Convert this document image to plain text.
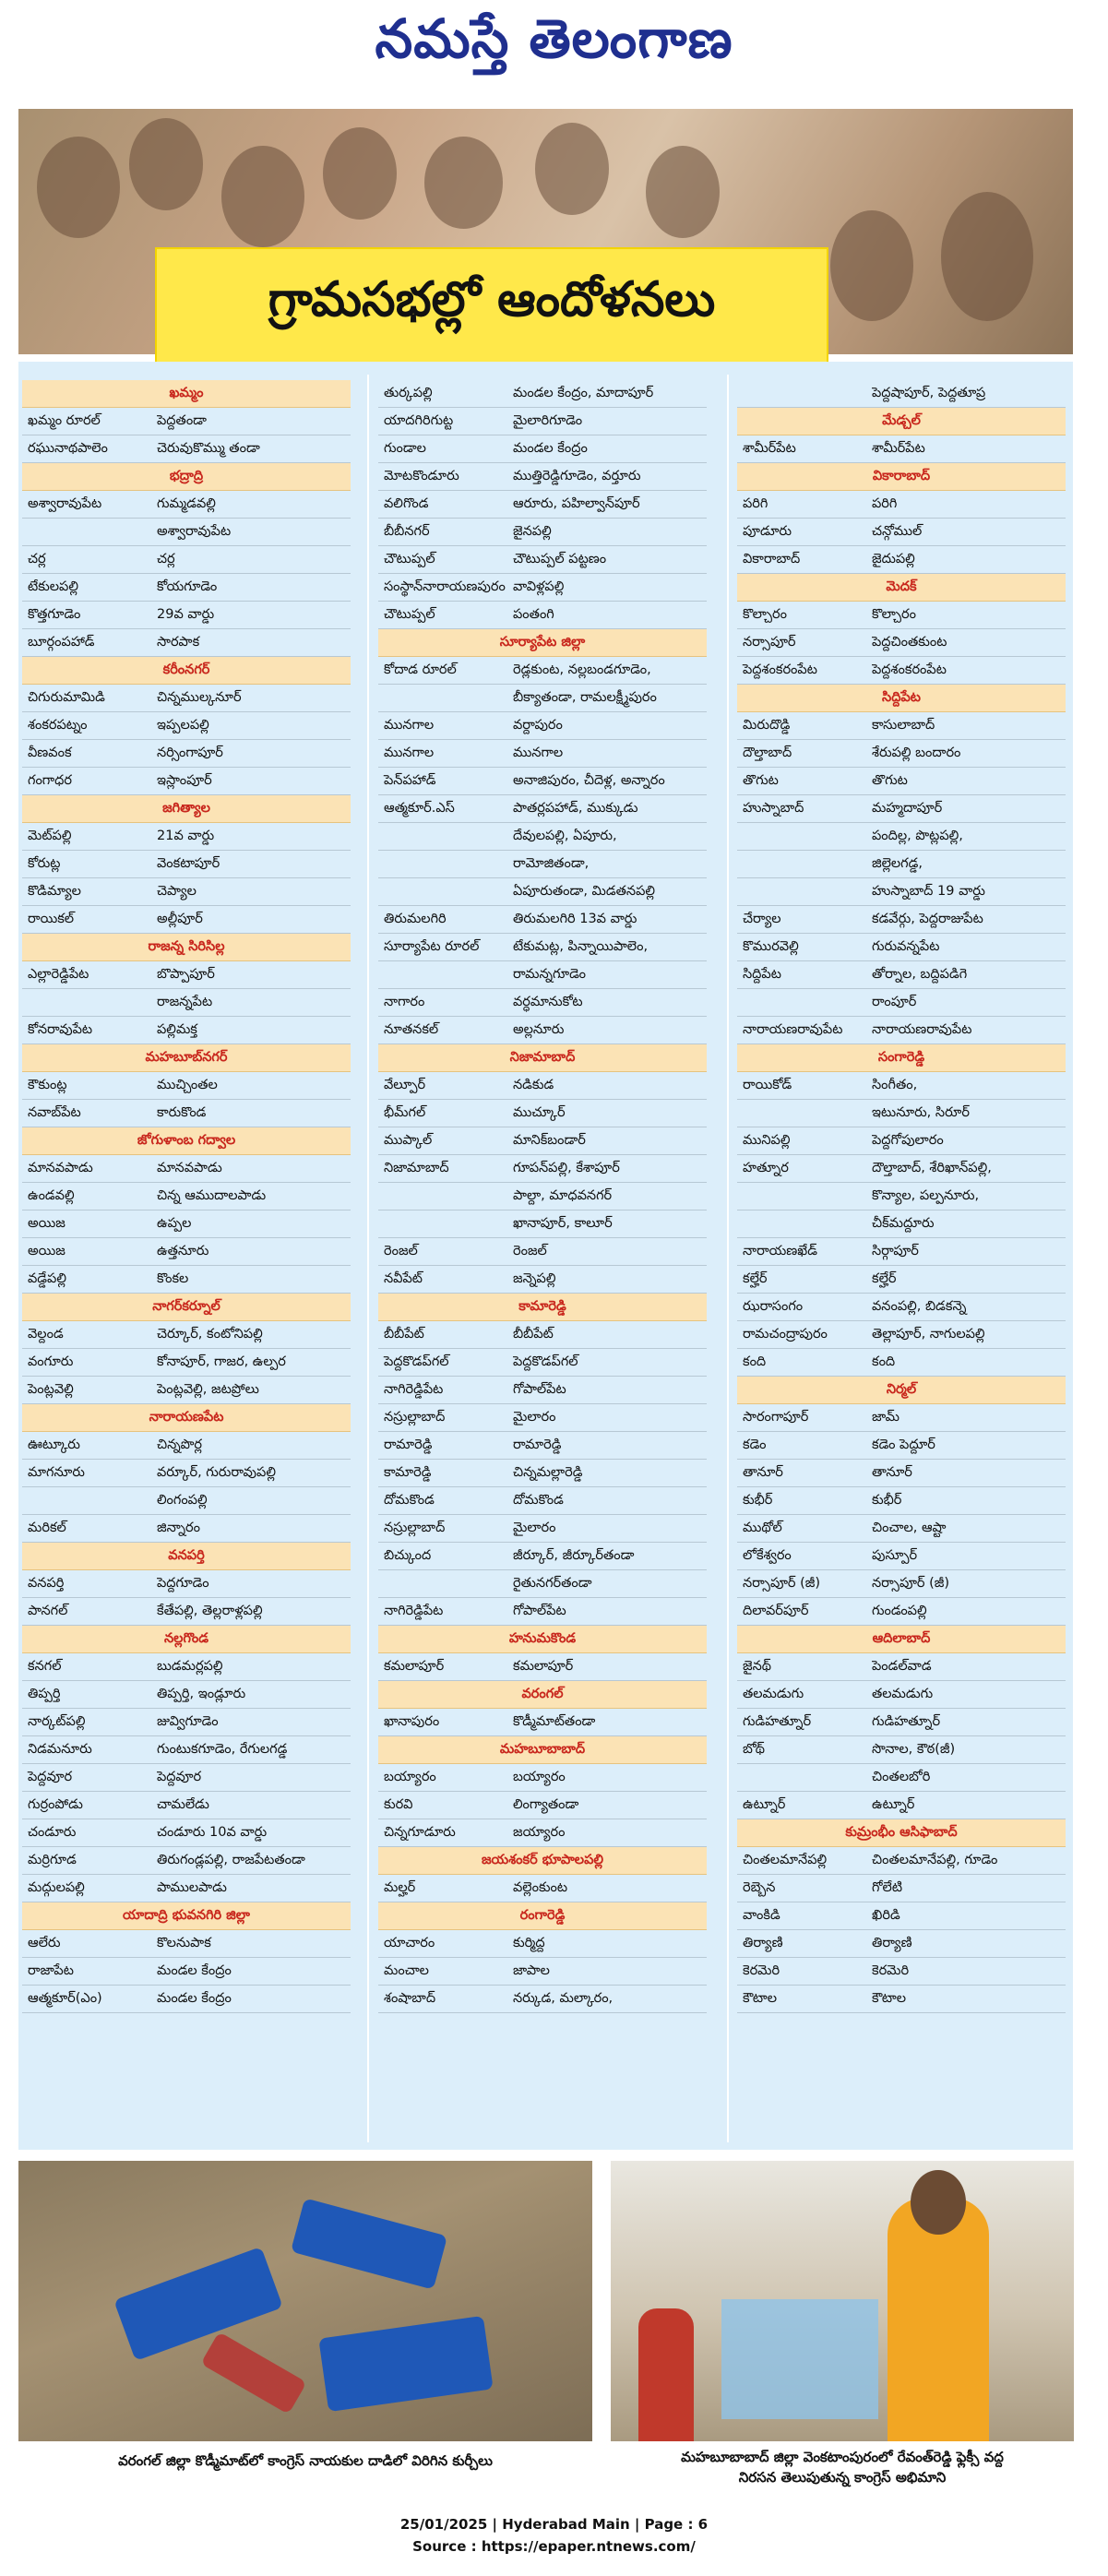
నమస్తే తెలంగాణ
గ్రామసభల్లో ఆందోళనలు
ఖమ్మం
ఖమ్మం రూరల్	పెద్దతండా
రఘునాథపాలెం	చెరువుకొమ్ము తండా
భద్రాద్రి
అశ్వారావుపేట	గుమ్మడవల్లి
అశ్వారావుపేట
చర్ల	చర్ల
టేకులపల్లి	కోయగూడెం
కొత్తగూడెం	29వ వార్డు
బూర్గంపహాడ్	సారపాక
కరీంనగర్
చిగురుమామిడి	చిన్నముల్కనూర్
శంకరపట్నం	ఇప్పలపల్లి
వీణవంక	నర్సింగాపూర్
గంగాధర	ఇస్లాంపూర్
జగిత్యాల
మెట్‌పల్లి	21వ వార్డు
కోరుట్ల	వెంకటాపూర్
కొడిమ్యాల	చెప్యాల
రాయికల్	అల్లీపూర్
రాజన్న సిరిసిల్ల
ఎల్లారెడ్డిపేట	బొప్పాపూర్
రాజన్నపేట
కోనరావుపేట	పల్లిమక్త
మహబూబ్‌నగర్
కౌకుంట్ల	ముచ్చింతల
నవాబ్‌పేట	కారుకొండ
జోగుళాంబ గద్వాల
మానవపాడు	మానవపాడు
ఉండవల్లి	చిన్న ఆముదాలపాడు
అయిజ	ఉప్పల
అయిజ	ఉత్తనూరు
వడ్డేపల్లి	కొంకల
నాగర్‌కర్నూల్
వెల్దండ	చెర్కూర్, కంటోనిపల్లి
వంగూరు	కోనాపూర్, గాజర, ఉల్పర
పెంట్లవెల్లి	పెంట్లవెల్లి, జటప్రోలు
నారాయణపేట
ఊట్కూరు	చిన్నపొర్ల
మాగనూరు	వర్కూర్, గురురావుపల్లి
లింగంపల్లి
మరికల్	జిన్నారం
వనపర్తి
వనపర్తి	పెద్దగూడెం
పానగల్	కేతేపల్లి, తెల్లరాళ్లపల్లి
నల్లగొండ
కనగల్	బుడమర్లపల్లి
తిప్పర్తి	తిప్పర్తి, ఇండ్లూరు
నార్కట్‌పల్లి	జువ్విగూడెం
నిడమనూరు	గుంటుకగూడెం, రేగులగడ్డ
పెద్దవూర	పెద్దవూర
గుర్రంపోడు	చామలేడు
చండూరు	చండూరు 10వ వార్డు
మర్రిగూడ	తిరుగండ్లపల్లి, రాజపేటతండా
మద్గులపల్లి	పాములపాడు
యాదాద్రి భువనగిరి జిల్లా
ఆలేరు	కొలనుపాక
రాజాపేట	మండల కేంద్రం
ఆత్మకూర్(ఎం)	మండల కేంద్రం
తుర్కపల్లి	మండల కేంద్రం, మాదాపూర్
యాదగిరిగుట్ట	మైలారిగూడెం
గుండాల	మండల కేంద్రం
మోటకొండూరు	ముత్తిరెడ్డిగూడెం, వర్తూరు
వలిగొండ	ఆరూరు, పహిల్వాన్‌పూర్
బీబీనగర్	జైనపల్లి
చౌటుప్పల్	చౌటుప్పల్ పట్టణం
సంస్థాన్‌నారాయణపురం వావిళ్లపల్లి
చౌటుప్పల్	పంతంగి
సూర్యాపేట జిల్లా
కోదాడ రూరల్	రెడ్లకుంట, నల్లబండగూడెం,
బీక్యాతండా, రామలక్ష్మీపురం
మునగాల	వర్దాపురం
మునగాల	మునగాల
పెన్‌పహాడ్	అనాజిపురం, చీదెళ్ల, అన్నారం
ఆత్మకూర్.ఎస్	పాతర్లపహాడ్, ముక్కుడు
దేవులపల్లి, ఏపూరు,
రామోజితండా,
ఏపూరుతండా, మిడతనపల్లి
తిరుమలగిరి	తిరుమలగిరి 13వ వార్డు
సూర్యాపేట రూరల్	టేకుమట్ల, పిన్నాయిపాలెం,
రామన్నగూడెం
నాగారం	వర్ధమానుకోట
నూతనకల్	అల్లనూరు
నిజామాబాద్
వేల్పూర్	నడికుడ
భీమ్‌గల్	ముచ్కూర్
ముప్కాల్	మానిక్‌బండార్
నిజామాబాద్	గూపన్‌పల్లి, కేశాపూర్
పాల్దా, మాధవనగర్
ఖానాపూర్, కాలూర్
రెంజల్	రెంజల్
నవీపేట్	జన్నెపల్లి
కామారెడ్డి
బీబీపేట్	బీబీపేట్
పెద్దకొడప్‌గల్	పెద్దకొడప్‌గల్
నాగిరెడ్డిపేట	గోపాల్‌పేట
నస్రుల్లాబాద్	మైలారం
రామారెడ్డి	రామారెడ్డి
కామారెడ్డి	చిన్నమల్లారెడ్డి
దోమకొండ	దోమకొండ
నస్రుల్లాబాద్	మైలారం
బిచ్కుంద	జీర్కూర్, జీర్కూర్‌తండా
రైతునగర్‌తండా
నాగిరెడ్డిపేట	గోపాల్‌పేట
హనుమకొండ
కమలాపూర్	కమలాపూర్
వరంగల్
ఖానాపురం	కొడ్మీమాట్‌తండా
మహబూబాబాద్
బయ్యారం	బయ్యారం
కురవి	లింగ్యాతండా
చిన్నగూడూరు	జయ్యారం
జయశంకర్ భూపాలపల్లి
మల్హర్	వల్లెంకుంట
రంగారెడ్డి
యాచారం	కుర్మిద్ద
మంచాల	జాపాల
శంషాబాద్	నర్కుడ, మల్కారం,
పెద్దషాపూర్, పెద్దతూప్ర
మేడ్చల్
శామీర్‌పేట	శామీర్‌పేట
వికారాబాద్
పరిగి	పరిగి
పూడూరు	చన్గోముల్
వికారాబాద్	జైదుపల్లి
మెదక్
కొల్చారం	కొల్చారం
నర్సాపూర్	పెద్దచింతకుంట
పెద్దశంకరంపేట	పెద్దశంకరంపేట
సిద్దిపేట
మిరుదొడ్డి	కాసులాబాద్
దౌల్తాబాద్	శేరుపల్లి బందారం
తొగుట	తొగుట
హుస్నాబాద్	మహ్మదాపూర్
పందిల్ల, పొట్లపల్లి,
జిల్లెలగడ్డ,
హుస్నాబాద్ 19 వార్డు
చేర్యాల	కడవేర్గు, పెద్దరాజుపేట
కొమురవెల్లి	గురువన్నపేట
సిద్దిపేట	తోర్నాల, బద్దిపడిగె
రాంపూర్
నారాయణరావుపేట	నారాయణరావుపేట
సంగారెడ్డి
రాయికోడ్	సింగీతం,
ఇటునూరు, సిరూర్
మునిపల్లి	పెద్దగోపులారం
హత్నూర	దౌల్తాబాద్, శేరిఖాన్‌పల్లి,
కొన్యాల, పల్పనూరు,
చీక్‌మద్దూరు
నారాయణఖేడ్	సిర్గాపూర్
కల్హేర్	కల్హేర్
ఝరాసంగం	వనంపల్లి, బిడకన్నె
రామచంద్రాపురం	తెల్లాపూర్, నాగులపల్లి
కంది	కంది
నిర్మల్
సారంగాపూర్	జామ్
కడెం	కడెం పెద్దూర్
తానూర్	తానూర్
కుభీర్	కుభీర్
ముథోల్	చించాల, ఆష్టా
లోకేశ్వరం	పుస్పూర్
నర్సాపూర్ (జీ)	నర్సాపూర్ (జీ)
దిలావర్‌పూర్	గుండంపల్లి
ఆదిలాబాద్
జైనథ్	పెండల్‌వాడ
తలమడుగు	తలమడుగు
గుడిహత్నూర్	గుడిహత్నూర్
బోథ్	సొనాల, కౌఠ(జీ)
చింతలబోరి
ఉట్నూర్	ఉట్నూర్
కుమ్రంభీం ఆసిఫాబాద్
చింతలమానేపల్లి	చింతలమానేపల్లి, గూడెం
రెబ్బెన	గోలేటి
వాంకిడి	ఖిరిడి
తిర్యాణి	తిర్యాణి
కెరమెరి	కెరమెరి
కౌటాల	కౌటాల
వరంగల్ జిల్లా కొడ్మీమాట్‌లో కాంగ్రెస్ నాయకుల దాడిలో విరిగిన కుర్చీలు	మహబూబాబాద్ జిల్లా వెంకటాంపురంలో రేవంత్‌రెడ్డి ఫ్లెక్సీ వద్ద
నిరసన తెలుపుతున్న కాంగ్రెస్ అభిమాని
25/01/2025 | Hyderabad Main | Page : 6
Source : https://epaper.ntnews.com/
